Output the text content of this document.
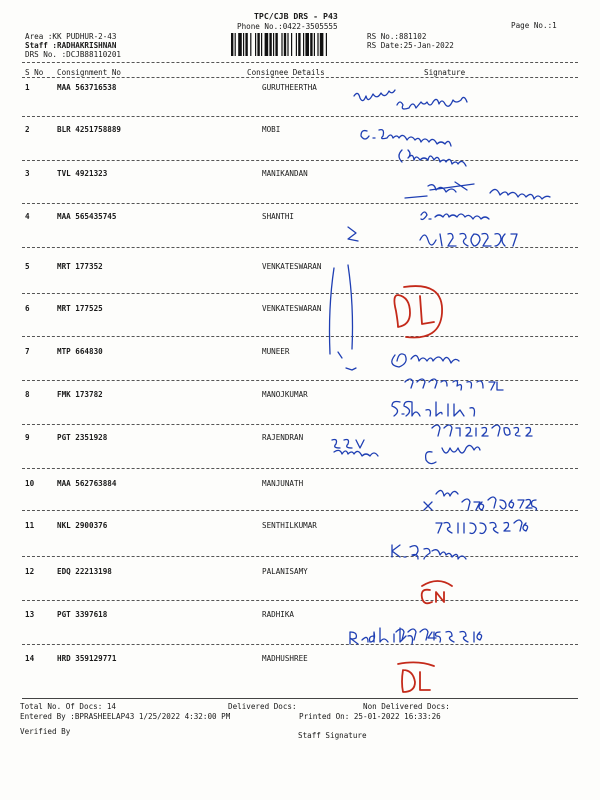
TPC/CJB DRS - P43
Phone No.:0422-3505555	Page No.:1
Area :KK PUDHUR-2-43
Staff :RADHAKRISHNAN
DRS No. :DCJB88110201
RS No.:881102
RS Date:25-Jan-2022
S No Consignment No	Consignee Details	Signature
1	MAA 563716538	GURUTHEERTHA
2	BLR 4251758889	MOBI
3	TVL 4921323	MANIKANDAN
4	MAA 565435745	SHANTHI
5	MRT 177352	VENKATESWARAN
6	MRT 177525	VENKATESWARAN
7	MTP 664830	MUNEER
8	FMK 173782	MANOJKUMAR
9	PGT 2351928	RAJENDRAN
10	MAA 562763884	MANJUNATH
11	NKL 2900376	SENTHILKUMAR
12	EDQ 22213198	PALANISAMY
13	PGT 3397618	RADHIKA
14	HRD 359129771	MADHUSHREE
Total No. Of Docs: 14	Delivered Docs:	Non Delivered Docs:
Entered By :BPRASHEELAP43 1/25/2022 4:32:00 PM	Printed On: 25-01-2022 16:33:26
Verified By	Staff Signature
